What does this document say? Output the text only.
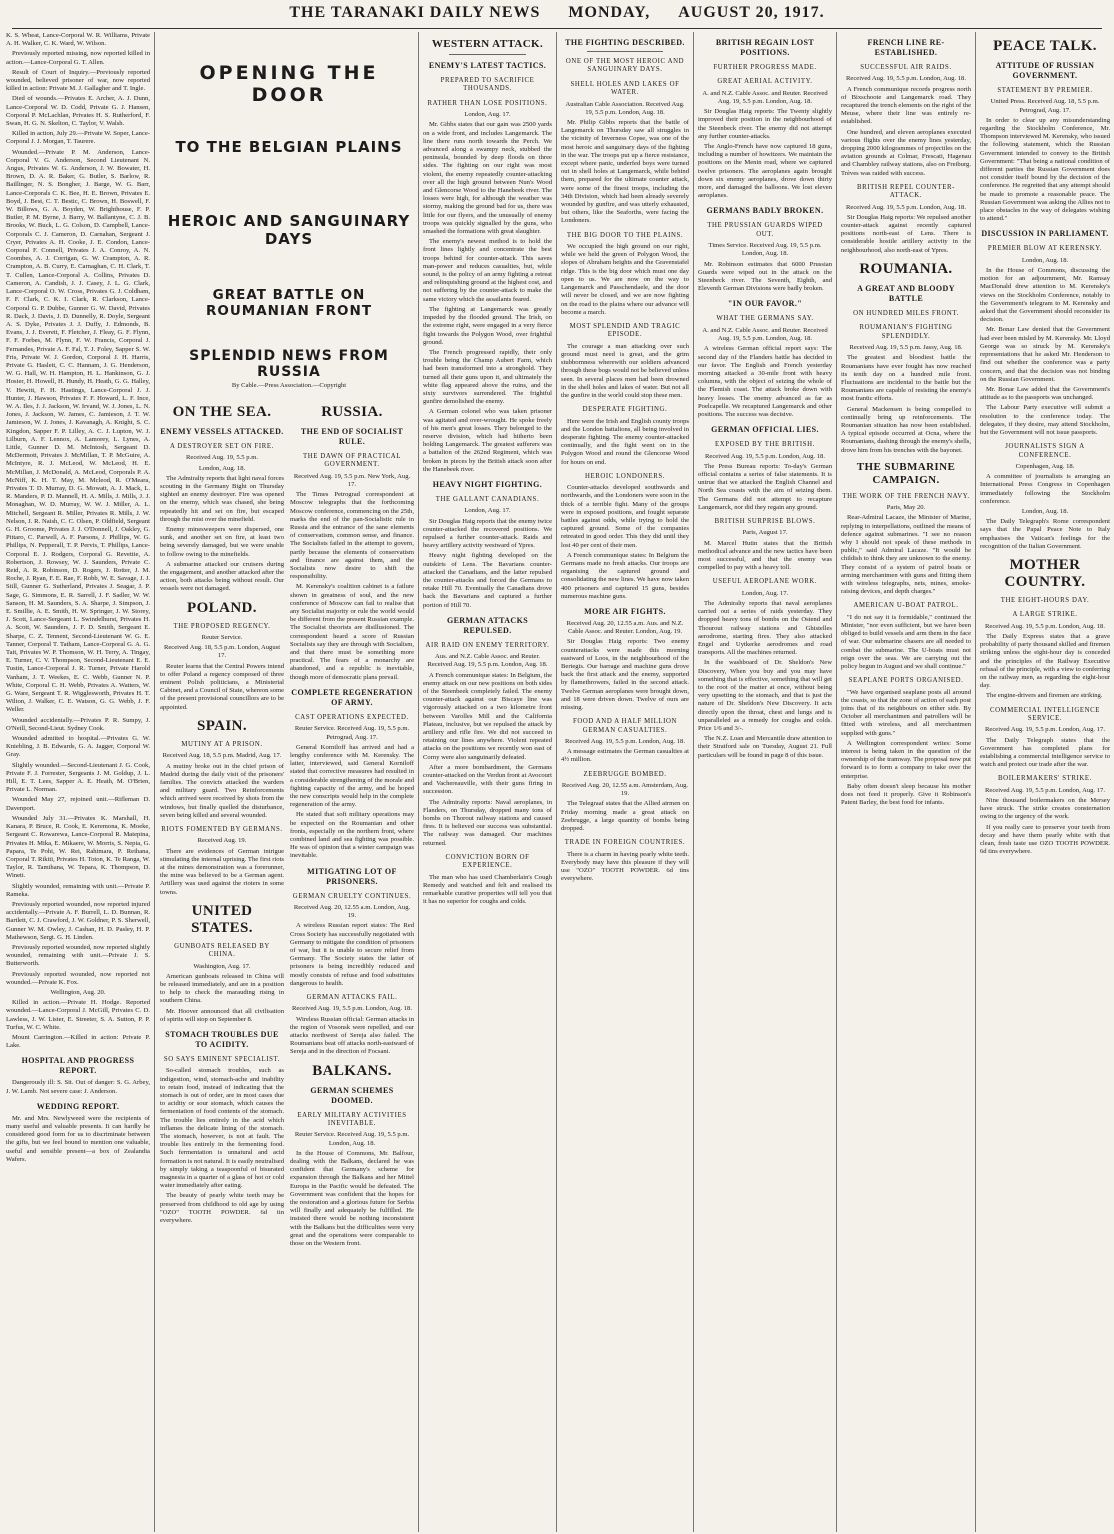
THE TARANAKI DAILY NEWS MONDAY, AUGUST 20, 1917.

K. S. Wheat, Lance-Corporal W. R. Williams, Private A. H. Walker, C. K. Ward, W. Wilson.

Previously reported missing, now reported killed in action.—Lance-Corporal G. T. Allen.

Result of Court of Inquiry.—Previously reported wounded, believed prisoner of war, now reported killed in action: Private M. J. Gallagher and T. Ingle.

Died of wounds.—Privates E. Archer, A. J. Dunn, Lance-Corporal W. D. Codd, Private G. J. Hansen, Corporal P. McLachlan, Privates H. S. Rutherford, F. Swan, H. G. N. Skelton, C. Taylor, V. Walsh.

Killed in action, July 29.—Private W. Soper, Lance-Corporal J. J. Morgan, T. Taurere.

Wounded.—Private P. M. Anderson, Lance-Corporal V. G. Anderson, Second Lieutenant N. Angus, Privates W. G. Anderson, J. W. Bowater, H. Brown, D. A. R. Baker, G. Butler, S. Barlow, R. Baillinger, N. S. Bongher, J. Barge, W. G. Barr, Lance-Corporals C. K. Bee, H. E. Brown, Privates E. Boyd, J. Best, C. T. Bestic, C. Brown, H. Boswell, F. W. Billows, G. A. Boyden, W. Brighthouse, F. P. Butler, P. M. Byrne, J. Barry, W. Ballantyne, C. J. B. Brooks, W. Buck, L. G. Colson, D. Campbell, Lance-Corporals C. J. Cameron, D. Carnahan, Sergeant J. Cryer, Privates A. H. Cooke, J. E. Condon, Lance-Corporal F. Connell, Privates J. A. Conroy, A. N. Coombes, A. J. Corrigan, G. W. Crampton, A. R. Crampton, A. B. Curry, E. Carnaghan, C. H. Clark, T. T. Cullen, Lance-Corporal A. Collins, Privates D. Cameron, A. Candish, J. J. Casey, J. L. G. Clark, Lance-Corporal O. W. Cross, Privates G. J. Coldham, F. F. Clark, C. K. I. Clark, R. Clarkson, Lance-Corporal G. P. Dubbe, Gunner G. W. David, Privates R. Dack, J. Davis, J. D. Dunnelly, R. Doyle, Sergeant A. S. Dyke, Privates J. J. Duffy, J. Edmonds, B. Evans, J. J. Everett, F. Fletcher, J. Fleay, G. F. Flynn, F. F. Forbes, M. Flynn, F. W. Francis, Corporal J. Fernandes, Private A. F. Fal, T. J. Foley, Sapper S. W. Fris, Private W. J. Gordon, Corporal J. H. Harris, Private G. Haslett, C. C. Hannam, J. G. Henderson, W. G. Hall, W. H. Hampton, H. L. Hankinson, G. J. Hosier, H. Howell, H. Hundy, H. Heath, G. G. Halley, V. Hewitt, F. H. Hastings, Lance-Corporal J. J. Hunter, J. Hawson, Privates F. F. Howard, L. F. Ince, W. A. Iles, J. J. Jackson, W. Irvand, W. J. Jones, L. N. Jones, J. Jackson, W. James, C. Jamieson, J. T. W. Jamieson, W. J. Jones, J. Kavanagh, A. Knight, S. C. Kingdon, Sapper F. P. Lilley, A. C. J. Lupton, W. J. Lilburn, A. F. Lennox, A. Lamorey, L. Lynes, A. Little, Gunner D. M. McIntosh, Sergeant D. McDermott, Privates J. McMillan, T. P. McGuire, A. McIntyre, R. J. McLeod, W. McLeod, H. E. McMillan, J. McDonald, A. McLeod, Corporals P. A. McNiff, K. H. T. May, M. Mcleod, R. O'Meara, Privates T. D. Murray, D. G. Mowatt, A. J. Mack, L. R. Manders, P. D. Mannell, H. A. Mills, J. Mills, J. J. Monaghan, W. D. Murray, W. W. J. Miller, A. L. Mitchell, Sergeant R. Miller, Privates R. Mills, J. W. Nelson, J. R. Naish, C. C. Olsen, P. Oldfield, Sergeant G. H. Groome, Privates J. J. O'Donnell, J. Oakley, G. Pittaro, C. Parwell, A. F. Parsons, J. Phillips, W. G. Phillips, N. Pepperall, T. P. Pervis, T. Phillips, Lance-Corporal E. J. Rodgers, Corporal G. Revettie, A. Robertson, J. Rowsey, W. J. Saunders, Private C. Reid, A. R. Robinson, D. Rogers, J. Rotter, J. M. Roche, J. Ryan, F. E. Rae, F. Robb, W. E. Savage, J. J. Still, Gunner G. Sutherland, Privates J. Seagar, J. P. Sage, G. Simmons, E. R. Sarrell, J. F. Sadler, W. W. Sanson, H. M. Saunders, S. A. Sharpe, J. Simpson, J. E. Smillie, A. E. Smith, H. W. Springer, J. W. Storey, J. Scott, Lance-Sergeant L. Swindelhurst, Privates H. A. Scott, W. Saunders, J. F. D. Smith, Sergeant E. Sharpe, C. Z. Tennent, Second-Lieutenant W. G. E. Tanner, Corporal T. Tatham, Lance-Corporal G. A. G. Tait, Privates W. P. Thomson, W. H. Terry, A. Tingay, E. Turner, C. V. Thompson, Second-Lieutenant E. E. Tustin, Lance-Corporal J. R. Turner, Private Harold Vanham, J. T. Weekes, E. C. Webb, Gunner N. P. White, Corporal C. H. Webb, Privates A. Watters, W. G. Ware, Sergeant T. R. Wigglesworth, Privates H. T. Wilton, J. Walker, C. E. Watson, G. G. Webb, J. F. Weller.

Wounded accidentally.—Privates P. R. Sumpy, J. O'Neill, Second-Lieut. Sydney Cook.

Wounded admitted to hospital.—Privates G. W. Kniebling, J. B. Edwards, G. A. Jagger, Corporal W. Gray.

Slightly wounded.—Second-Lieutenant J. G. Cook, Private F. J. Forrester, Sergeants J. M. Goldup, J. L. Hill, E. T. Lees, Sapper A. E. Heath, M. O'Brien, Private L. Norman.

Wounded May 27, rejoined unit.—Rifleman D. Davenport.

Wounded July 31.—Privates K. Marshall, H. Kanara, P. Bruce, R. Cook, E. Keremona, K. Moeke, Sergeant C. Rowarewa, Lance-Corporal R. Matepina, Privates H. Mika, E. Mikaere, W. Morris, S. Nepia, G. Papara, Te Pohi, W. Rei, Rahimara, P. Reihana, Corporal T. Rikiti, Privates H. Toton, K. Te Ranga, W. Taylor, R. Tamihana, W. Tepara, K. Thompson, D. Wineti.

Slightly wounded, remaining with unit.—Private P. Rameka.

Previously reported wounded, now reported injured accidentally.—Private A. F. Burrell, L. D. Bunnan, R. Bartlett, C. J. Crawford, J. W. Goldner, P. S. Sherwell, Gunner W. M. Owley, J. Cashan, H. D. Pasley, H. P. Mathewson, Sergt. G. H. Linden.

Previously reported wounded, now reported slightly wounded, remaining with unit.—Private J. S. Butterworth.

Previously reported wounded, now reported not wounded.—Private K. Fox.

Wellington, Aug. 20.

Killed in action.—Private H. Hodge. Reported wounded.—Lance-Corporal J. McGill, Privates C. D. Lawless, J. W. Lister, E. Streeter, S. A. Sutton, P. P. Turfus, W. C. White.

Mount Carrington.—Killed in action: Private P. Lake.

HOSPITAL AND PROGRESS REPORT.

Dangerously ill: S. Sit. Out of danger: S. G. Arbey, J. W. Lamb. Not severe case: J. Anderson.

WEDDING REPORT.

Mr. and Mrs. Newlyweed were the recipients of many useful and valuable presents. It can hardly be considered good form for us to discriminate between the gifts, but we feel bound to mention one valuable, useful and sensible present—a box of Zealandia Wafers.

OPENING THE DOOR
TO THE BELGIAN PLAINS
HEROIC AND SANGUINARY DAYS
GREAT BATTLE ON ROUMANIAN FRONT
SPLENDID NEWS FROM RUSSIA
By Cable.—Press Association.—Copyright
ON THE SEA.
ENEMY VESSELS ATTACKED.
A DESTROYER SET ON FIRE.
Received Aug. 19, 5.5 p.m.
London, Aug. 18.

The Admiralty reports that light naval forces scouting in the Germany Bight on Thursday sighted an enemy destroyer. Fire was opened on the enemy, which was chased, she being repeatedly hit and set on fire, but escaped through the mist over the minefield.

Enemy minesweepers were dispersed, one sunk, and another set on fire, at least two being severely damaged, but we were unable to follow owing to the minefields.

A submarine attacked our cruisers during the engagement, and another attacked after the action, both attacks being without result. Our vessels were not damaged.

POLAND.
THE PROPOSED REGENCY.
Reuter Service.
Received Aug. 18, 5.5 p.m. London, August 17.

Reuter learns that the Central Powers intend to offer Poland a regency composed of three eminent Polish politicians, a Ministerial Cabinet, and a Council of State, whereon some of the present provisional councillors are to be appointed.

SPAIN.
MUTINY AT A PRISON.
Received Aug. 18, 5.5 p.m. Madrid, Aug. 17.

A mutiny broke out in the chief prison of Madrid during the daily visit of the prisoners' families. The convicts attacked the warders and military guard. Two Reinforcements which arrived were received by shots from the windows, but finally quelled the disturbance, seven being killed and several wounded.

RIOTS FOMENTED BY GERMANS.
Received Aug. 19.

There are evidences of German intrigue stimulating the internal uprising. The first riots at the mines demonstration was a forerunner, the mine was believed to be a German agent. Artillery was used against the rioters in some towns.

UNITED STATES.
GUNBOATS RELEASED BY CHINA.
Washington, Aug. 17.

American gunboats released in China will be released immediately, and are in a position to help to check the marauding rising in southern China.

Mr. Hoover announced that all civilisation of spirits will stop on September 8.

STOMACH TROUBLES DUE TO ACIDITY.
SO SAYS EMINENT SPECIALIST.

So-called stomach troubles, such as indigestion, wind, stomach-ache and inability to retain food, instead of indicating that the stomach is out of order, are in most cases due to acidity or sour stomach, which causes the fermentation of food contents of the stomach. The trouble lies entirely in the acid which inflames the delicate lining of the stomach. The stomach, however, is not at fault. The trouble lies entirely in the fermenting food. Such fermentation is unnatural and acid formation is not natural. It is easily neutralised by simply taking a teaspoonful of bisurated magnesia in a quarter of a glass of hot or cold water immediately after eating.

The beauty of pearly white teeth may be preserved from childhood to old age by using "OZO" TOOTH POWDER. 6d tin everywhere.

RUSSIA.
THE END OF SOCIALIST RULE.
THE DAWN OF PRACTICAL GOVERNMENT.
Received Aug. 19, 5.5 p.m. New York, Aug. 17.

The Times Petrograd correspondent at Moscow telegraphs that the forthcoming Moscow conference, commencing on the 25th, marks the end of the pan-Socialistic rule in Russia and the entrance of the sane elements of conservatism, common sense, and finance. The Socialists failed in the attempt to govern, partly because the elements of conservatism and finance are against them, and the Socialists now desire to shift the responsibility.

M. Kerensky's coalition cabinet is a failure shown in greatness of soul, and the new conference of Moscow can fail to realise that any Socialist majority or rule the world would be different from the present Russian example. The Socialist theorists are disillusioned. The correspondent heard a score of Russian Socialists say they are through with Socialism, and that there must be something more practical. The fears of a monarchy are abandoned, and a republic is inevitable, though more of democratic plans prevail.

COMPLETE REGENERATION OF ARMY.
CAST OPERATIONS EXPECTED.
Reuter Service. Received Aug. 19, 5.5 p.m. Petrograd, Aug. 17.

General Korniloff has arrived and had a lengthy conference with M. Kerensky. The latter, interviewed, said General Korniloff stated that corrective measures had resulted in a considerable strengthening of the morale and fighting capacity of the army, and he hoped the new conscripts would help in the complete regeneration of the army.

He stated that soft military operations may be expected on the Roumanian and other fronts, especially on the northern front, where combined land and sea fighting was possible. He was of opinion that a winter campaign was inevitable.

MITIGATING LOT OF PRISONERS.
GERMAN CRUELTY CONTINUES.
Received Aug. 20, 12.55 a.m. London, Aug. 19.

A wireless Russian report states: The Red Cross Society has successfully negotiated with Germany to mitigate the condition of prisoners of war, but it is unable to secure relief from Germany. The Society states the latter of prisoners is being incredibly reduced and mostly consists of refuse and food substitutes dangerous to health.

GERMAN ATTACKS FAIL.
Received Aug. 19, 5.5 p.m. London, Aug. 18.

Wireless Russian official: German attacks in the region of Vosonsk were repelled, and our attacks northwest of Sereja also failed. The Roumanians beat off attacks north-eastward of Sereja and in the direction of Focsani.

BALKANS.
GERMAN SCHEMES DOOMED.
EARLY MILITARY ACTIVITIES INEVITABLE.
Reuter Service. Received Aug. 19, 5.5 p.m. London, Aug. 18.

In the House of Commons, Mr. Balfour, dealing with the Balkans, declared he was confident that Germany's scheme for expansion through the Balkans and her Mittel Europa in the Pacific would be defeated. The Government was confident that the hopes for the restoration and a glorious future for Serbia will finally and adequately be fulfilled. He insisted there would be nothing inconsistent with the Balkans but the difficulties were very great and the operations were comparable to those on the Western front.

WESTERN ATTACK.
ENEMY'S LATEST TACTICS.
PREPARED TO SACRIFICE THOUSANDS.
RATHER THAN LOSE POSITIONS.
London, Aug. 17.

Mr. Gibbs states that our gain was 2500 yards on a wide front, and includes Langemarck. The line there runs north towards the Perch. We advanced along a swampy neck, stubbed the peninsula, bounded by deep floods on three sides. The fighting on our right was most violent, the enemy repeatedly counter-attacking over all the high ground between Nun's Wood and Glencorse Wood to the Hanebeek river. The losses were high, for although the weather was stormy, making the ground bad for us, there was little for our flyers, and the unusually of enemy troops was quickly signalled by the guns, who smashed the formations with great slaughter.

The enemy's newest method is to hold the front lines lightly and concentrate the best troops behind for counter-attack. This saves man-power and reduces casualties, but, while sound, is the policy of an army fighting a retreat and relinquishing ground at the highest cost, and not suffering by the counter-attack to make the same victory which the assailants feared.

The fighting at Langemarck was greatly impeded by the flooded ground. The Irish, on the extreme right, were engaged in a very fierce fight towards the Polygon Wood, over frightful ground.

The French progressed rapidly, their only trouble being the Champ Aubert Farm, which had been transformed into a stronghold. They turned all their guns upon it, and ultimately the white flag appeared above the ruins, and the sixty survivors surrendered. The frightful gunfire demolished the enemy.

A German colonel who was taken prisoner was agitated and over-wrought. He spoke freely of his men's great losses. They belonged to the reserve division, which had hitherto been holding Langemarck. The greatest sufferers was a battalion of the 262nd Regiment, which was broken in pieces by the British attack soon after the Hanebeek river.

HEAVY NIGHT FIGHTING.
THE GALLANT CANADIANS.
London, Aug. 17.

Sir Douglas Haig reports that the enemy twice counter-attacked the recovered positions. We repulsed a further counter-attack. Raids and heavy artillery activity westward of Ypres.

Heavy night fighting developed on the outskirts of Lens. The Bavarians counter-attacked the Canadians, and the latter repulsed the counter-attacks and forced the Germans to retake Hill 70. Eventually the Canadians drove back the Bavarians and captured a further portion of Hill 70.

GERMAN ATTACKS REPULSED.
AIR RAID ON ENEMY TERRITORY.
Aus. and N.Z. Cable Assoc. and Reuter. Received Aug. 19, 5.5 p.m. London, Aug. 18.

A French communique states: In Belgium, the enemy attack on our new positions on both sides of the Steenbeek completely failed. The enemy counter-attack against our Biscaye line was vigorously attacked on a two kilometre front between Varolles Mill and the California Plateau, inclusive, but we repulsed the attack by artillery and rifle fire. We did not succeed in retaining our lines anywhere. Violent repeated attacks on the positions we recently won east of Corny were also sanguinarily defeated.

After a more bombardment, the Germans counter-attacked on the Verdun front at Avocourt and Vachereauville, with their guns firing in succession.

The Admiralty reports: Naval aeroplanes, in Flanders, on Thursday, dropped many tons of bombs on Thorout railway stations and caused fires. It is believed our success was substantial. The railway was damaged. Our machines returned.

CONVICTION BORN OF EXPERIENCE.

The man who has used Chamberlain's Cough Remedy and watched and felt and realised its remarkable curative properties will tell you that it has no superior for coughs and colds.

THE FIGHTING DESCRIBED.
ONE OF THE MOST HEROIC AND SANGUINARY DAYS.
SHELL HOLES AND LAKES OF WATER.
Australian Cable Association. Received Aug. 19, 5.5 p.m. London, Aug. 18.

Mr. Philip Gibbs reports that the battle of Langemarck on Thursday saw all struggles in the vicinity of Inverness Copse, was one of the most heroic and sanguinary days of the fighting in the war. The troops put up a fierce resistance, except where panic, underfed boys were turned out in shell holes at Langemarck, while behind them, prepared for the ultimate counter attack, were some of the finest troops, including the 34th Division, which had been already severely wounded by gunfire, and was utterly exhausted, but others, like the Seaforths, were facing the Londoners.

THE BIG DOOR TO THE PLAINS.

We occupied the high ground on our right, while we held the green of Polygon Wood, the slopes of Abraham heights and the Gravenstafel ridge. This is the big door which must one day open to us. We are now on the way to Langemarck and Passchendaele, and the door will never be closed, and we are now fighting on the road to the plains where our advance will become a march.

MOST SPLENDID AND TRAGIC EPISODE.

The courage a man attacking over such ground must need is great, and the grim stubbornness wherewith our soldiers advanced through these bogs would not be believed unless seen. In several places men had been drowned in the shell holes and lakes of water. But not all the gunfire in the world could stop these men.

DESPERATE FIGHTING.

Here were the Irish and English county troops and the London battalions, all being involved in desperate fighting. The enemy counter-attacked continually, and the fight went on in the Polygon Wood and round the Glencorse Wood for hours on end.

HEROIC LONDONERS.

Counter-attacks developed southwards and northwards, and the Londoners were soon in the thick of a terrible fight. Many of the groups were in exposed positions, and fought separate battles against odds, while trying to hold the captured ground. Some of the companies retreated in good order. This they did until they lost 40 per cent of their men.

A French communique states: In Belgium the Germans made no fresh attacks. Our troops are organising the captured ground and consolidating the new lines. We have now taken 400 prisoners and captured 15 guns, besides numerous machine guns.

MORE AIR FIGHTS.
Received Aug. 20, 12.55 a.m. Aus. and N.Z. Cable Assoc. and Reuter. London, Aug. 19.

Sir Douglas Haig reports: Two enemy counterattacks were made this morning eastward of Loos, in the neighbourhood of the Bertegis. Our barrage and machine guns drove back the first attack and the enemy, supported by flamethrowers, failed in the second attack. Twelve German aeroplanes were brought down, and 18 were driven down. Twelve of ours are missing.

FOOD AND A HALF MILLION GERMAN CASUALTIES.
Received Aug. 19, 5.5 p.m. London, Aug. 18.

A message estimates the German casualties at 4½ million.

ZEEBRUGGE BOMBED.
Received Aug. 20, 12.55 a.m. Amsterdam, Aug. 19.

The Telegraaf states that the Allied airmen on Friday morning made a great attack on Zeebrugge, a large quantity of bombs being dropped.

TRADE IN FOREIGN COUNTRIES.

There is a charm in having pearly white teeth. Everybody may have this pleasure if they will use "OZO" TOOTH POWDER. 6d tins everywhere.

BRITISH REGAIN LOST POSITIONS.
FURTHER PROGRESS MADE.
GREAT AERIAL ACTIVITY.
A. and N.Z. Cable Assoc. and Reuter. Received Aug. 19, 5.5 p.m. London, Aug. 18.

Sir Douglas Haig reports: The Twenty slightly improved their position in the neighbourhood of the Steenbeck river. The enemy did not attempt any further counter-attacks.

The Anglo-French have now captured 18 guns, including a number of howitzers. We maintain the positions on the Menin road, where we captured twelve prisoners. The aeroplanes again brought down six enemy aeroplanes, drove down thirty more, and damaged the balloons. We lost eleven aeroplanes.

GERMANS BADLY BROKEN.
THE PRUSSIAN GUARDS WIPED OUT.
Times Service. Received Aug. 19, 5.5 p.m. London, Aug. 18.

Mr. Robinson estimates that 6000 Prussian Guards were wiped out in the attack on the Steenbeck river. The Seventh, Eighth, and Eleventh German Divisions were badly broken.

"IN OUR FAVOR."
WHAT THE GERMANS SAY.
A. and N.Z. Cable Assoc. and Reuter. Received Aug. 19, 5.5 p.m. London, Aug. 18.

A wireless German official report says: The second day of the Flanders battle has decided in our favor. The English and French yesterday morning attacked a 30-mile front with heavy columns, with the object of seizing the whole of the Flemish coast. The attack broke down with heavy losses. The enemy advanced as far as Poelcapelle. We recaptured Langemarck and other positions. The success was decisive.

GERMAN OFFICIAL LIES.
EXPOSED BY THE BRITISH.
Received Aug. 19, 5.5 p.m. London, Aug. 18.

The Press Bureau reports: To-day's German official contains a series of false statements. It is untrue that we attacked the English Channel and North Sea coasts with the aim of seizing them. The Germans did not attempt to recapture Langemarck, nor did they regain any ground.

BRITISH SURPRISE BLOWS.
Paris, August 17.

M. Marcel Hutin states that the British methodical advance and the new tactics have been most successful, and that the enemy was compelled to pay with a heavy toll.

USEFUL AEROPLANE WORK.
London, Aug. 17.

The Admiralty reports that naval aeroplanes carried out a series of raids yesterday. They dropped heavy tons of bombs on the Ostend and Thourout railway stations and Ghistelles aerodrome, starting fires. They also attacked Engel and Uytkerke aerodromes and road transports. All the machines returned.

In the washboard of Dr. Sheldon's New Discovery, When you buy and you may have something that is effective, something that will get to the root of the matter at once, without being very upsetting to the stomach, and that is just the nature of Dr. Sheldon's New Discovery. It acts directly upon the throat, chest and lungs and is unparalleled as a remedy for coughs and colds. Price 1/6 and 3/-.

The N.Z. Loan and Mercantile draw attention to their Stratford sale on Tuesday, August 21. Full particulars will be found in page 8 of this issue.

FRENCH LINE RE-ESTABLISHED.
SUCCESSFUL AIR RAIDS.
Received Aug. 19, 5.5 p.m. London, Aug. 18.

A French communique records progress north of Bixschoote and Langemarck road. They recaptured the trench elements on the right of the Meuse, where their line was entirely re-established.

One hundred, and eleven aeroplanes executed various flights over the enemy lines yesterday, dropping 2000 kilogrammes of projectiles on the aviation grounds at Colmar, Frescati, Hagenau and Chambley railway stations, also on Freiburg. Trèves was raided with success.

BRITISH REPEL COUNTER-ATTACK.
Received Aug. 19, 5.5 p.m. London, Aug. 18.

Sir Douglas Haig reports: We repulsed another counter-attack against recently captured positions north-east of Lens. There is considerable hostile artillery activity in the neighbourhood, also north-east of Ypres.

ROUMANIA.
A GREAT AND BLOODY BATTLE
ON HUNDRED MILES FRONT.
ROUMANIAN'S FIGHTING SPLENDIDLY.
Received Aug. 19, 5.5 p.m. Jassy, Aug. 18.

The greatest and bloodiest battle the Roumanians have ever fought has now reached its tenth day on a hundred mile front. Fluctuations are incidental to the battle but the Roumanians are capable of resisting the enemy's most frantic efforts.

General Mackensen is being compelled to continually bring up reinforcements. The Roumanian situation has now been established. A typical episode occurred at Ocna, where the Roumanians, dashing through the enemy's shells, drove him from his trenches with the bayonet.

THE SUBMARINE CAMPAIGN.
THE WORK OF THE FRENCH NAVY.
Paris, May 20.

Rear-Admiral Lacaze, the Minister of Marine, replying to interpellations, outlined the means of defence against submarines. "I see no reason why I should not speak of these methods in public," said Admiral Lacaze. "It would be childish to think they are unknown to the enemy. They consist of a system of patrol boats or arming merchantmen with guns and fitting them with wireless telegraphs, nets, mines, smoke-raising devices, and depth charges."

AMERICAN U-BOAT PATROL.

"I do not say it is formidable," continued the Minister, "nor even sufficient, but we have been obliged to build vessels and arm them in the face of war. Our submarine chasers are all needed to combat the submarine. The U-boats must not reign over the seas. We are carrying out the policy begun in August and we shall continue."

SEAPLANE PORTS ORGANISED.

"We have organised seaplane posts all around the coasts, so that the zone of action of each post joins that of its neighbours on either side. By October all merchantmen and patrollers will be fitted with wireless, and all merchantmen supplied with guns."

A Wellington correspondent writes: Some interest is being taken in the question of the ownership of the tramway. The proposal now put forward is to form a company to take over the enterprise.

Baby often doesn't sleep because his mother does not feed it properly. Give it Robinson's Patent Barley, the best food for infants.

PEACE TALK.
ATTITUDE OF RUSSIAN GOVERNMENT.
STATEMENT BY PREMIER.
United Press. Received Aug. 18, 5.5 p.m. Petrograd, Aug. 17.

In order to clear up any misunderstanding regarding the Stockholm Conference, Mr. Thompson interviewed M. Kerensky, who issued the following statement, which the Russian Government intended to convey to the British Government: "That being a national condition of different parties the Russian Government does not consider itself bound by the decision of the conference. He regretted that any attempt should be made to promote a reasonable peace. The Russian Government was asking the Allies not to place obstacles in the way of delegates wishing to attend."

DISCUSSION IN PARLIAMENT.
PREMIER BLOW AT KERENSKY.
London, Aug. 18.

In the House of Commons, discussing the motion for an adjournment, Mr. Ramsay MacDonald drew attention to M. Kerensky's views on the Stockholm Conference, notably to the Government's telegram to M. Kerensky and asked that the Government should reconsider its decision.

Mr. Bonar Law denied that the Government had ever been misled by M. Kerensky. Mr. Lloyd George was so struck by M. Kerensky's representations that he asked Mr. Henderson to find out whether the conference was a party concern, and that the decision was not binding on the Russian Government.

Mr. Bonar Law added that the Government's attitude as to the passports was unchanged.

The Labour Party executive will submit a resolution to the conference today. The delegates, if they desire, may attend Stockholm, but the Government will not issue passports.

JOURNALISTS SIGN A CONFERENCE.
Copenhagen, Aug. 18.

A committee of journalists is arranging an International Press Congress in Copenhagen immediately following the Stockholm conference.

London, Aug. 18.

The Daily Telegraph's Rome correspondent says that the Papal Peace Note to Italy emphasises the Vatican's feelings for the recognition of the Italian Government.

MOTHER COUNTRY.
THE EIGHT-HOURS DAY.
A LARGE STRIKE.
Received Aug. 19, 5.5 p.m. London, Aug. 18.

The Daily Express states that a grave probability of party thousand skilled and firemen striking unless the eight-hour day is conceded and the principles of the Railway Executive refusal of the principle, with a view to conferring on the railway men, as regarding the eight-hour day.

The engine-drivers and firemen are striking.

COMMERCIAL INTELLIGENCE SERVICE.
Received Aug. 19, 5.5 p.m. London, Aug. 17.

The Daily Telegraph states that the Government has completed plans for establishing a commercial intelligence service to watch and protect our trade after the war.

BOILERMAKERS' STRIKE.
Received Aug. 19, 5.5 p.m. London, Aug. 17.

Nine thousand boilermakers on the Mersey have struck. The strike creates consternation owing to the urgency of the work.

If you really care to preserve your teeth from decay and have them pearly white with that clean, fresh taste use OZO TOOTH POWDER. 6d tins everywhere.
